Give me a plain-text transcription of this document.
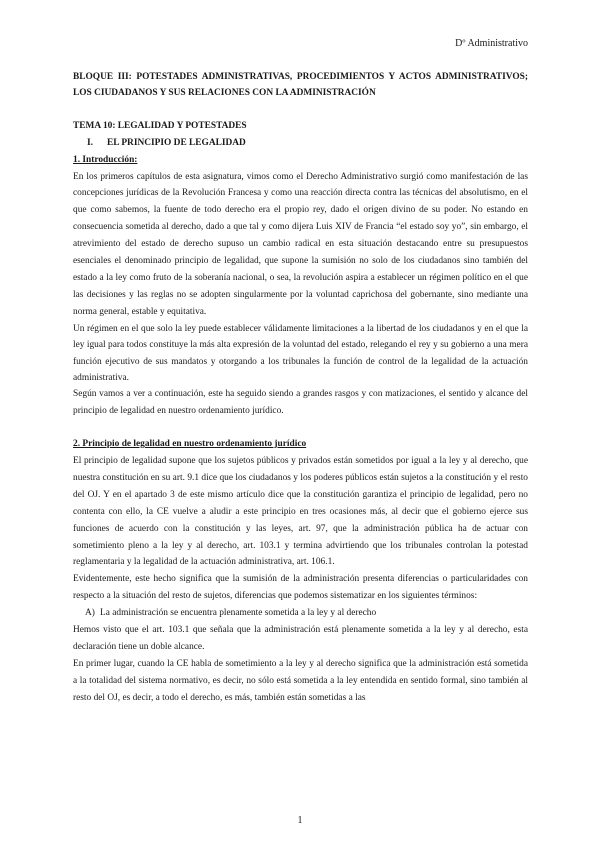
Dº Administrativo

BLOQUE III: POTESTADES ADMINISTRATIVAS, PROCEDIMIENTOS Y ACTOS ADMINISTRATIVOS; LOS CIUDADANOS Y SUS RELACIONES CON LA ADMINISTRACIÓN

TEMA 10: LEGALIDAD Y POTESTADES

I. EL PRINCIPIO DE LEGALIDAD

1. Introducción:

En los primeros capítulos de esta asignatura, vimos como el Derecho Administrativo surgió como manifestación de las concepciones jurídicas de la Revolución Francesa y como una reacción directa contra las técnicas del absolutismo, en el que como sabemos, la fuente de todo derecho era el propio rey, dado el origen divino de su poder. No estando en consecuencia sometida al derecho, dado a que tal y como dijera Luis XIV de Francia “el estado soy yo”, sin embargo, el atrevimiento del estado de derecho supuso un cambio radical en esta situación destacando entre su presupuestos esenciales el denominado principio de legalidad, que supone la sumisión no solo de los ciudadanos sino también del estado a la ley como fruto de la soberanía nacional, o sea, la revolución aspira a establecer un régimen político en el que las decisiones y las reglas no se adopten singularmente por la voluntad caprichosa del gobernante, sino mediante una norma general, estable y equitativa.

Un régimen en el que solo la ley puede establecer válidamente limitaciones a la libertad de los ciudadanos y en el que la ley igual para todos constituye la más alta expresión de la voluntad del estado, relegando el rey y su gobierno a una mera función ejecutivo de sus mandatos y otorgando a los tribunales la función de control de la legalidad de la actuación administrativa.

Según vamos a ver a continuación, este ha seguido siendo a grandes rasgos y con matizaciones, el sentido y alcance del principio de legalidad en nuestro ordenamiento jurídico.

2. Principio de legalidad en nuestro ordenamiento jurídico

El principio de legalidad supone que los sujetos públicos y privados están sometidos por igual a la ley y al derecho, que nuestra constitución en su art. 9.1 dice que los ciudadanos y los poderes públicos están sujetos a la constitución y el resto del OJ. Y en el apartado 3 de este mismo artículo dice que la constitución garantiza el principio de legalidad, pero no contenta con ello, la CE vuelve a aludir a este principio en tres ocasiones más, al decir que el gobierno ejerce sus funciones de acuerdo con la constitución y las leyes, art. 97, que la administración pública ha de actuar con sometimiento pleno a la ley y al derecho, art. 103.1 y termina advirtiendo que los tribunales controlan la potestad reglamentaria y la legalidad de la actuación administrativa, art. 106.1.

Evidentemente, este hecho significa que la sumisión de la administración presenta diferencias o particularidades con respecto a la situación del resto de sujetos, diferencias que podemos sistematizar en los siguientes términos:

A) La administración se encuentra plenamente sometida a la ley y al derecho

Hemos visto que el art. 103.1 que señala que la administración está plenamente sometida a la ley y al derecho, esta declaración tiene un doble alcance.

En primer lugar, cuando la CE habla de sometimiento a la ley y al derecho significa que la administración está sometida a la totalidad del sistema normativo, es decir, no sólo está sometida a la ley entendida en sentido formal, sino también al resto del OJ, es decir, a todo el derecho, es más, también están sometidas a las

1
